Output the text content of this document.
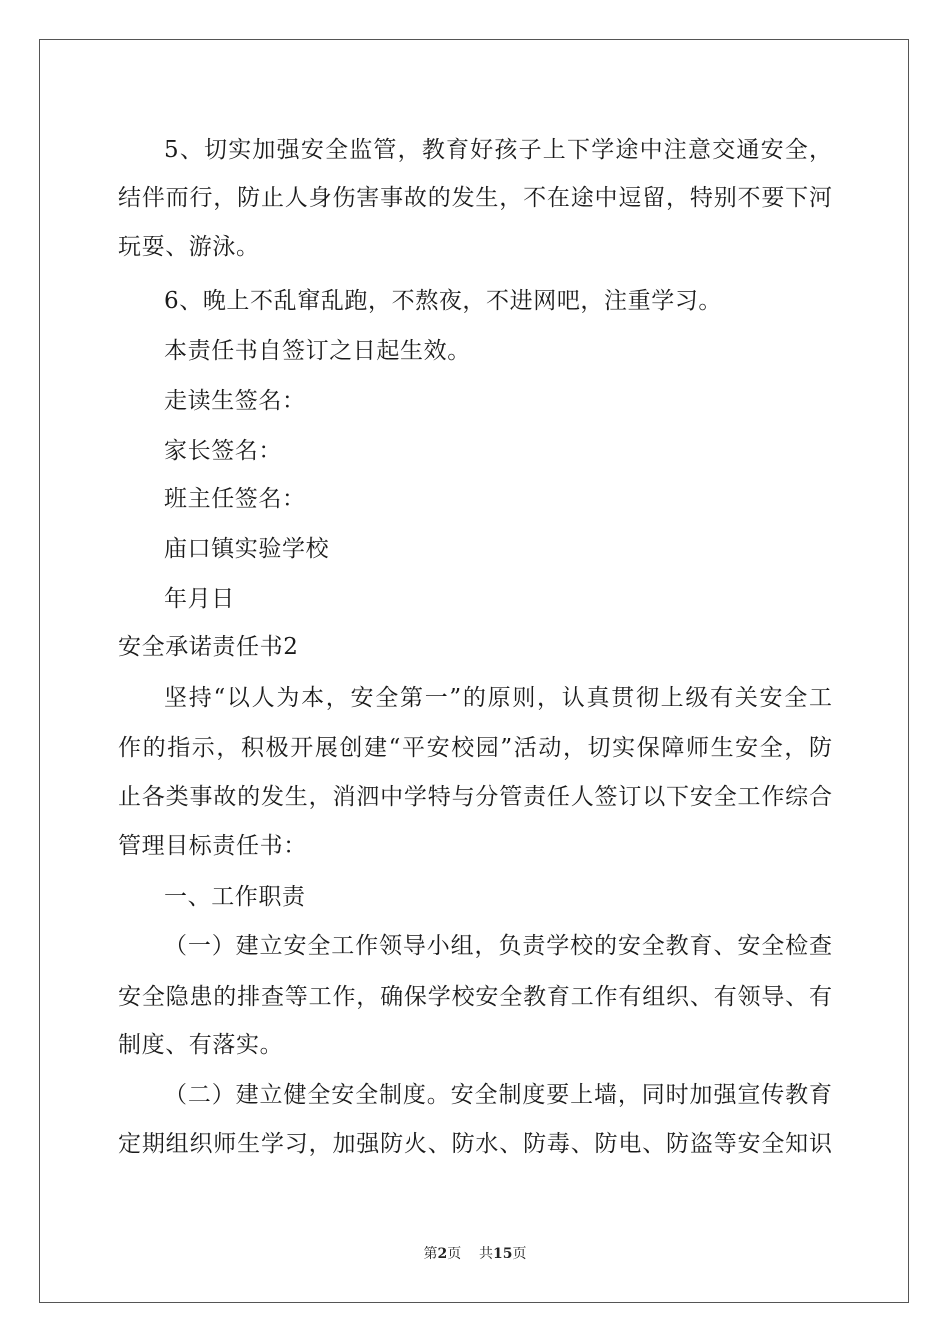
5、切实加强安全监管，教育好孩子上下学途中注意交通安全，
结伴而行，防止人身伤害事故的发生，不在途中逗留，特别不要下河
玩耍、游泳。
6、晚上不乱窜乱跑，不熬夜，不进网吧，注重学习。
本责任书自签订之日起生效。
走读生签名：
家长签名：
班主任签名：
庙口镇实验学校
年月日
安全承诺责任书2
坚持“以人为本，安全第一”的原则，认真贯彻上级有关安全工
作的指示，积极开展创建“平安校园”活动，切实保障师生安全，防
止各类事故的发生，消泗中学特与分管责任人签订以下安全工作综合
管理目标责任书：
一、工作职责
（一）建立安全工作领导小组，负责学校的安全教育、安全检查
安全隐患的排查等工作，确保学校安全教育工作有组织、有领导、有
制度、有落实。
（二）建立健全安全制度。安全制度要上墙，同时加强宣传教育
定期组织师生学习，加强防火、防水、防毒、防电、防盗等安全知识
第2页 共15页
